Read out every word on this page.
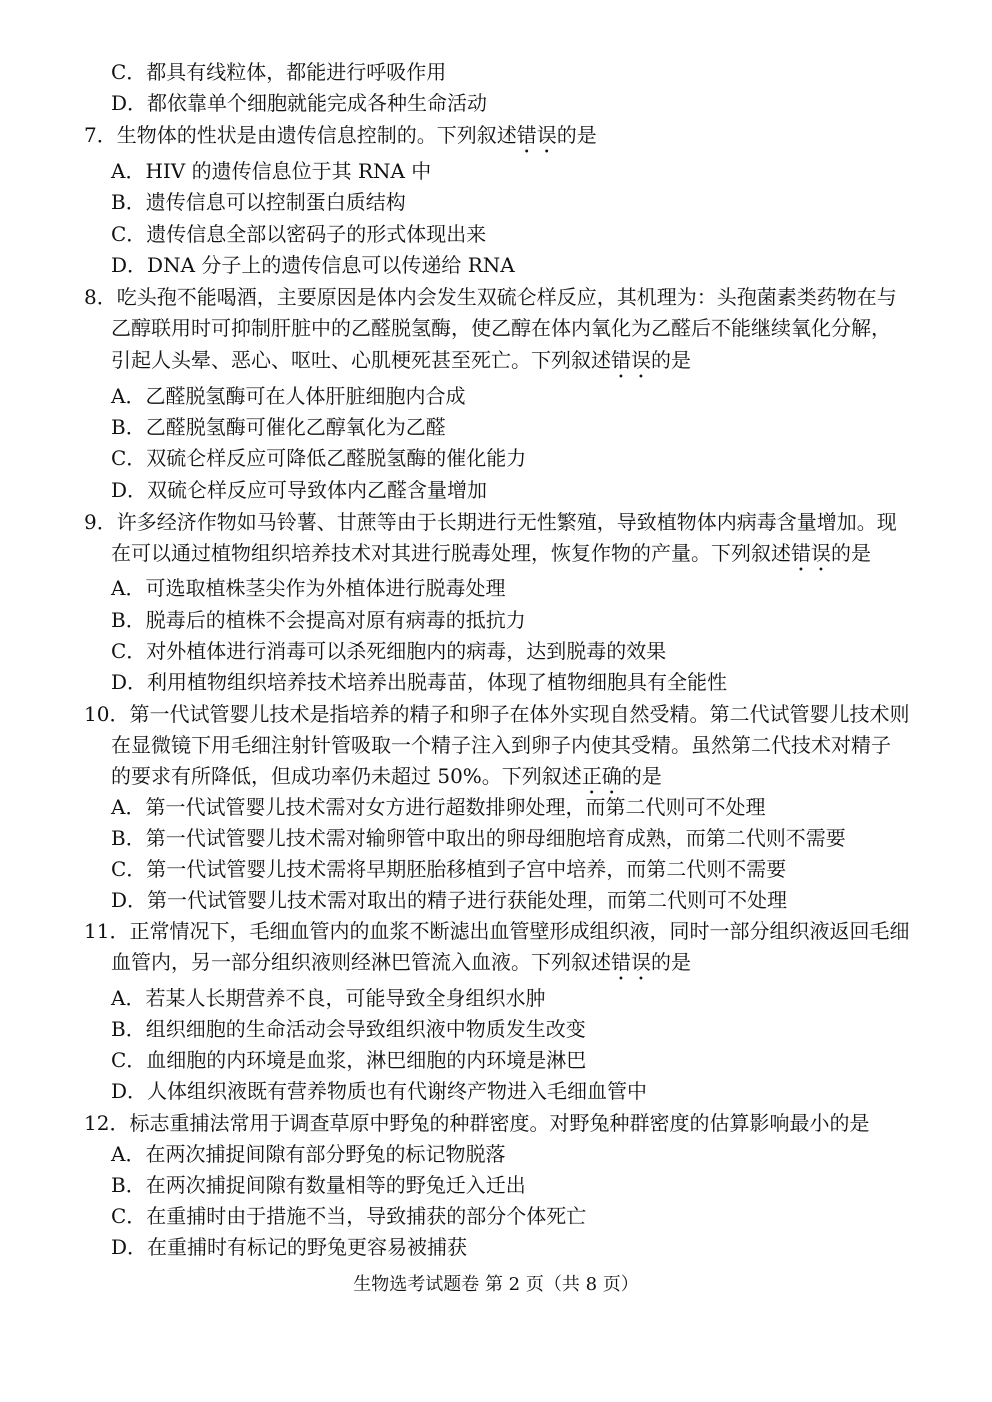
C．都具有线粒体，都能进行呼吸作用
D．都依靠单个细胞就能完成各种生命活动
7．生物体的性状是由遗传信息控制的。下列叙述错误的是
A．HIV 的遗传信息位于其 RNA 中
B．遗传信息可以控制蛋白质结构
C．遗传信息全部以密码子的形式体现出来
D．DNA 分子上的遗传信息可以传递给 RNA
8．吃头孢不能喝酒，主要原因是体内会发生双硫仑样反应，其机理为：头孢菌素类药物在与
乙醇联用时可抑制肝脏中的乙醛脱氢酶，使乙醇在体内氧化为乙醛后不能继续氧化分解，
引起人头晕、恶心、呕吐、心肌梗死甚至死亡。下列叙述错误的是
A．乙醛脱氢酶可在人体肝脏细胞内合成
B．乙醛脱氢酶可催化乙醇氧化为乙醛
C．双硫仑样反应可降低乙醛脱氢酶的催化能力
D．双硫仑样反应可导致体内乙醛含量增加
9．许多经济作物如马铃薯、甘蔗等由于长期进行无性繁殖，导致植物体内病毒含量增加。现
在可以通过植物组织培养技术对其进行脱毒处理，恢复作物的产量。下列叙述错误的是
A．可选取植株茎尖作为外植体进行脱毒处理
B．脱毒后的植株不会提高对原有病毒的抵抗力
C．对外植体进行消毒可以杀死细胞内的病毒，达到脱毒的效果
D．利用植物组织培养技术培养出脱毒苗，体现了植物细胞具有全能性
10．第一代试管婴儿技术是指培养的精子和卵子在体外实现自然受精。第二代试管婴儿技术则
在显微镜下用毛细注射针管吸取一个精子注入到卵子内使其受精。虽然第二代技术对精子
的要求有所降低，但成功率仍未超过 50%。下列叙述正确的是
A．第一代试管婴儿技术需对女方进行超数排卵处理，而第二代则可不处理
B．第一代试管婴儿技术需对输卵管中取出的卵母细胞培育成熟，而第二代则不需要
C．第一代试管婴儿技术需将早期胚胎移植到子宫中培养，而第二代则不需要
D．第一代试管婴儿技术需对取出的精子进行获能处理，而第二代则可不处理
11．正常情况下，毛细血管内的血浆不断滤出血管壁形成组织液，同时一部分组织液返回毛细
血管内，另一部分组织液则经淋巴管流入血液。下列叙述错误的是
A．若某人长期营养不良，可能导致全身组织水肿
B．组织细胞的生命活动会导致组织液中物质发生改变
C．血细胞的内环境是血浆，淋巴细胞的内环境是淋巴
D．人体组织液既有营养物质也有代谢终产物进入毛细血管中
12．标志重捕法常用于调查草原中野兔的种群密度。对野兔种群密度的估算影响最小的是
A．在两次捕捉间隙有部分野兔的标记物脱落
B．在两次捕捉间隙有数量相等的野兔迁入迁出
C．在重捕时由于措施不当，导致捕获的部分个体死亡
D．在重捕时有标记的野兔更容易被捕获
生物选考试题卷 第 2 页（共 8 页）
